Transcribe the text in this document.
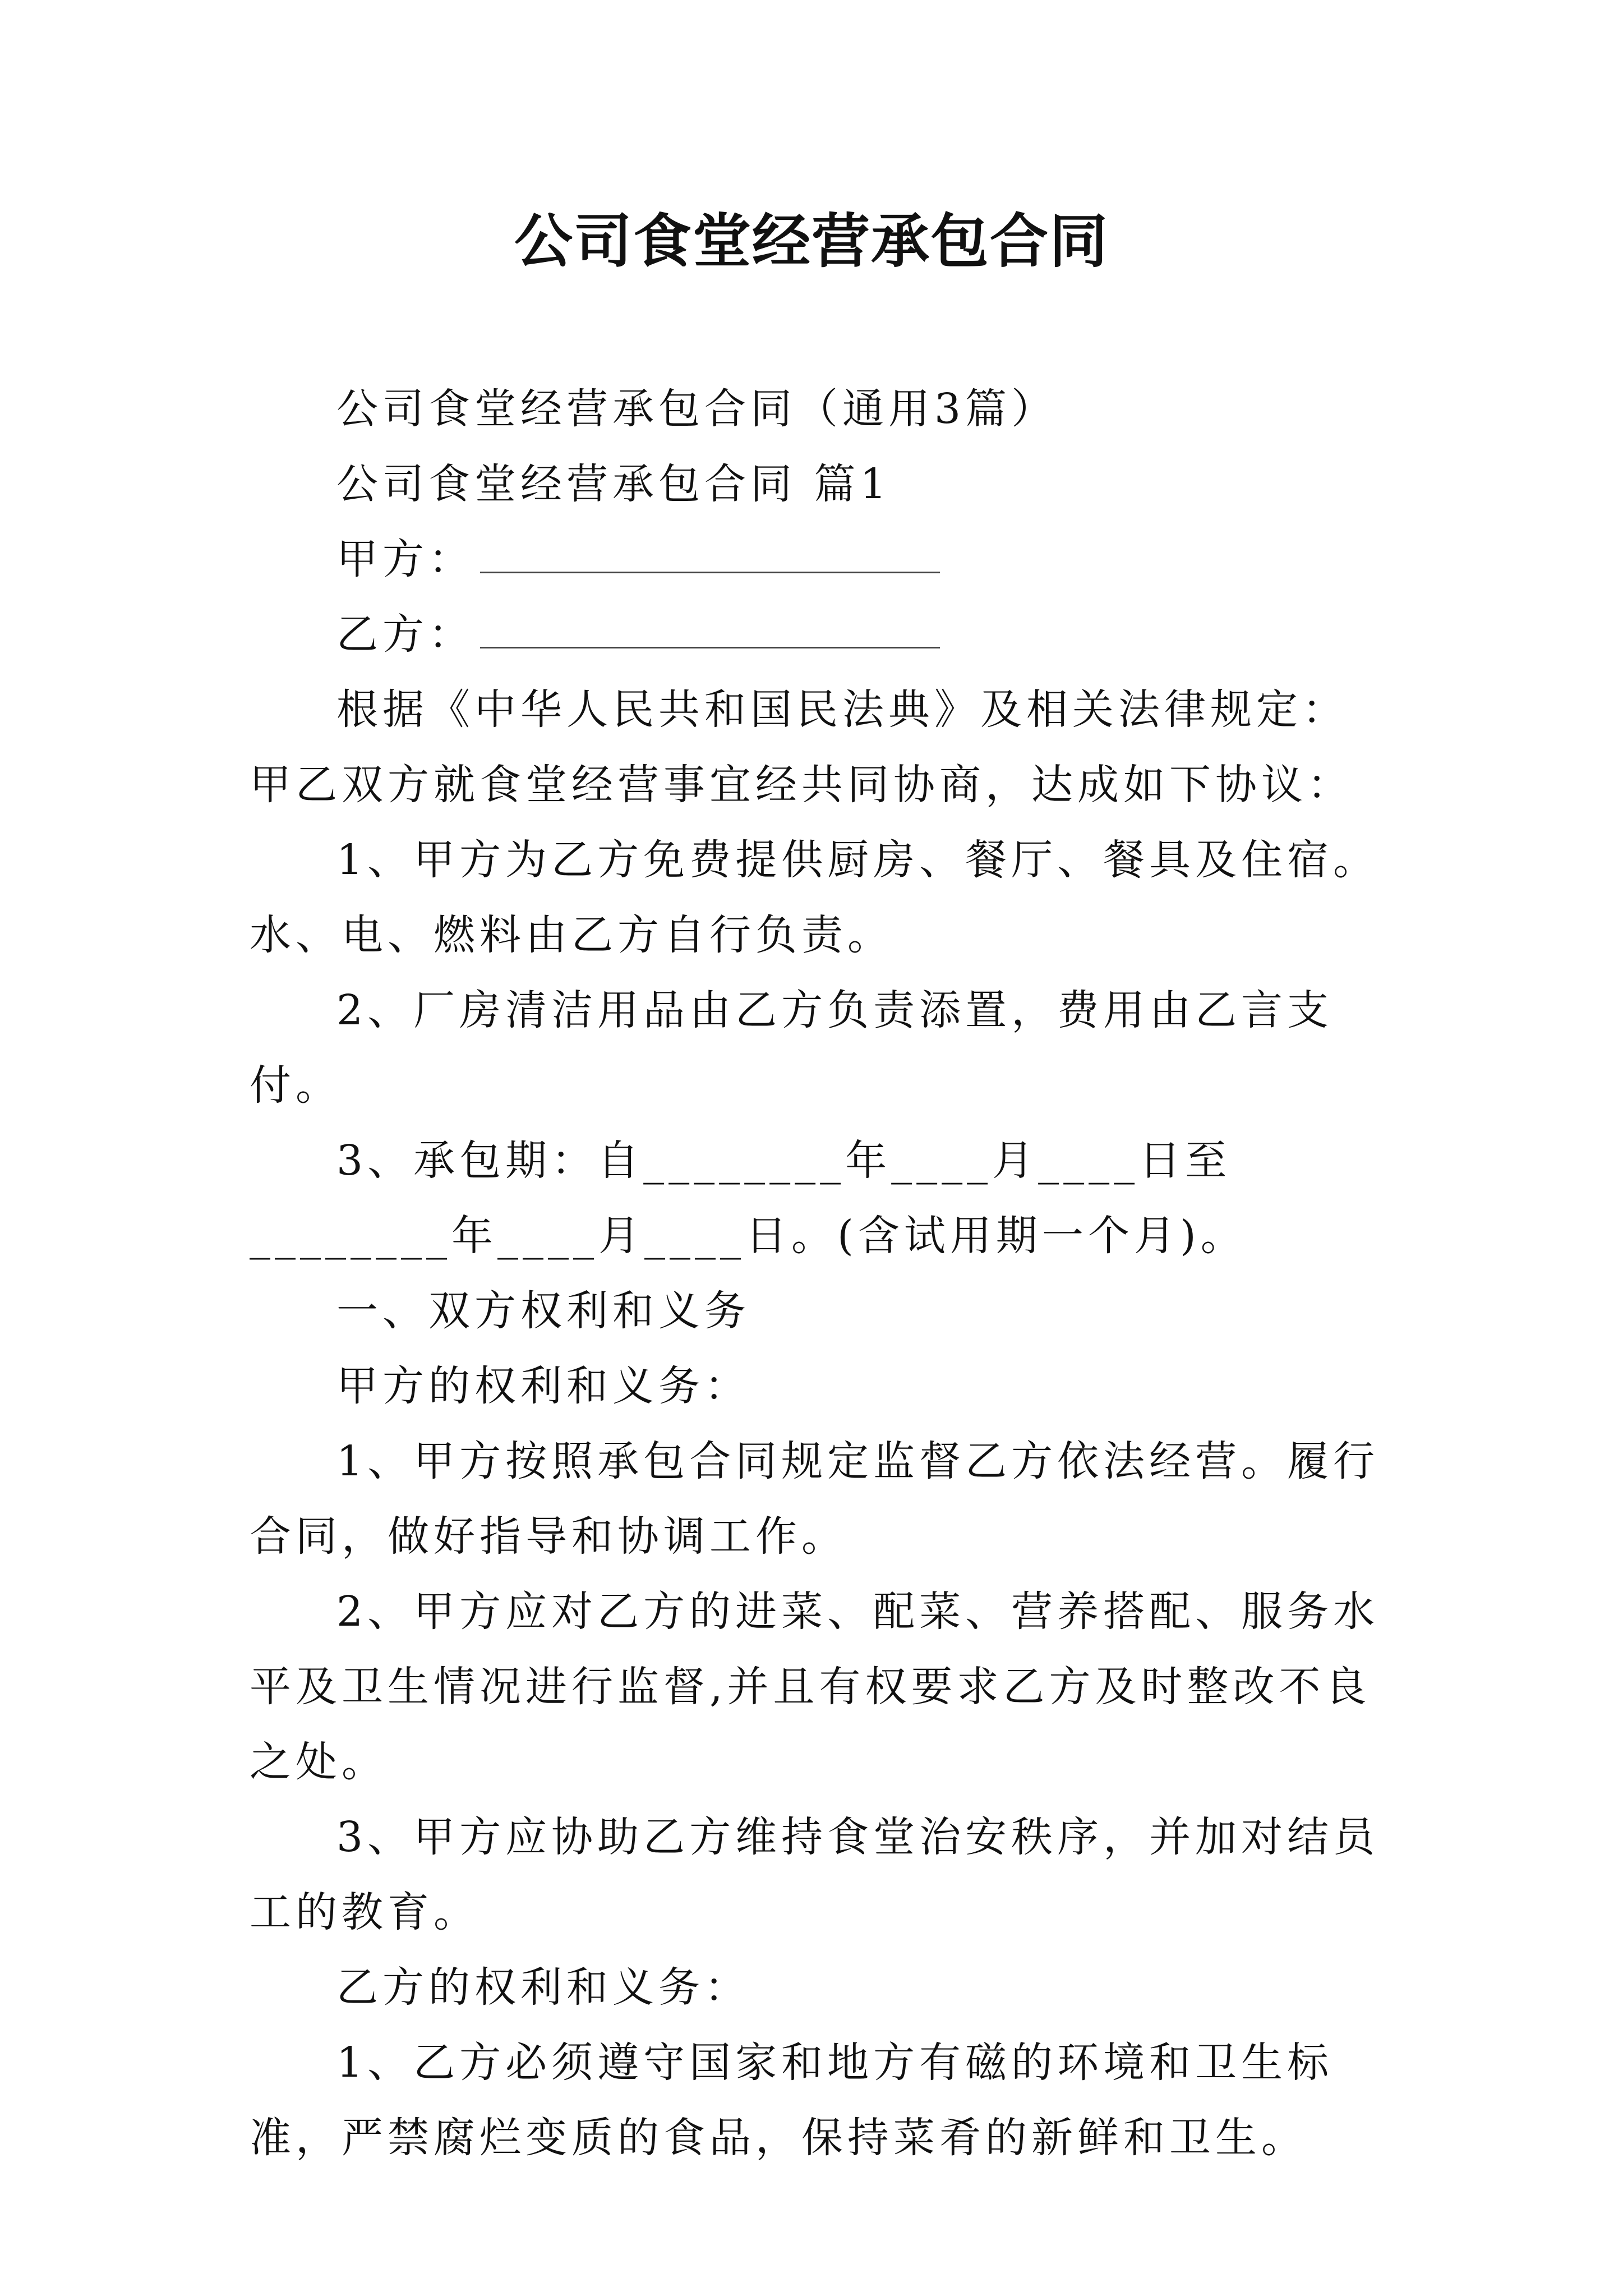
公司食堂经营承包合同

公司食堂经营承包合同（通用3篇）

公司食堂经营承包合同 篇1

甲方：

乙方：

根据《中华人民共和国民法典》及相关法律规定：甲乙双方就食堂经营事宜经共同协商，达成如下协议：

1、甲方为乙方免费提供厨房、餐厅、餐具及住宿。水、电、燃料由乙方自行负责。

2、厂房清洁用品由乙方负责添置，费用由乙言支付。

3、承包期：自________年____月____日至________年____月____日。(含试用期一个月)。

一、双方权利和义务

甲方的权利和义务：

1、甲方按照承包合同规定监督乙方依法经营。履行合同，做好指导和协调工作。

2、甲方应对乙方的进菜、配菜、营养搭配、服务水平及卫生情况进行监督,并且有权要求乙方及时整改不良之处。

3、甲方应协助乙方维持食堂治安秩序，并加对结员工的教育。

乙方的权利和义务：

1、乙方必须遵守国家和地方有磁的环境和卫生标准，严禁腐烂变质的食品，保持菜肴的新鲜和卫生。
